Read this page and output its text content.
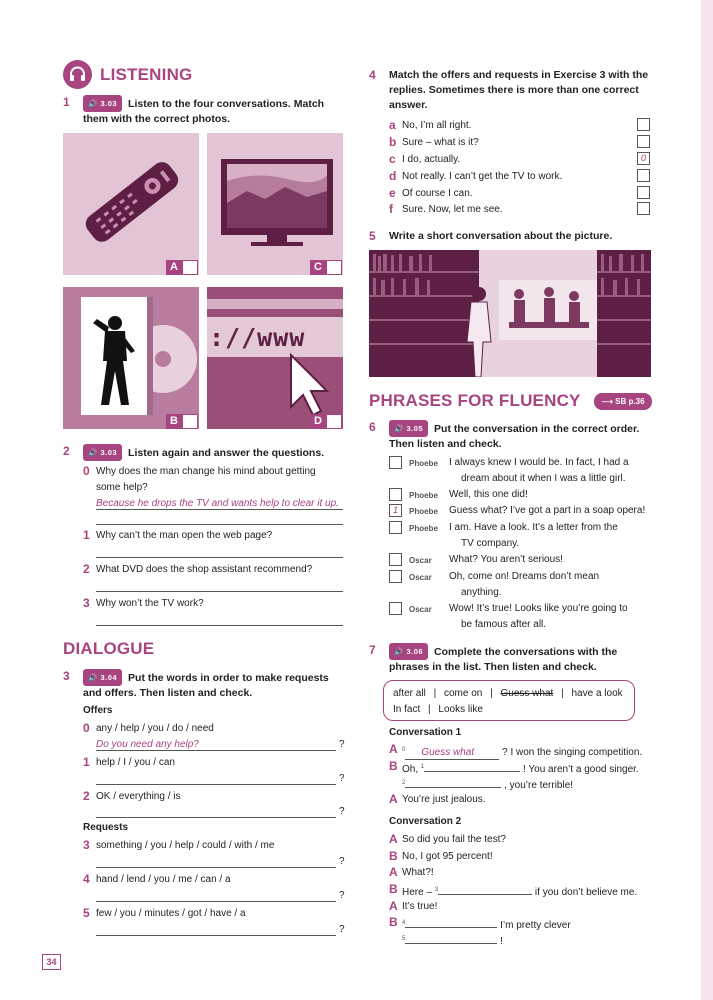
LISTENING
1	🔊 3.03 Listen to the four conversations. Match them with the correct photos.
A	C
B
://www
D
2	🔊 3.03 Listen again and answer the questions.
0 Why does the man change his mind about getting some help?
Because he drops the TV and wants help to clear it up.
1 Why can’t the man open the web page?
2 What DVD does the shop assistant recommend?
3 Why won’t the TV work?
DIALOGUE
3	🔊 3.04 Put the words in order to make requests and offers. Then listen and check.
Offers
0 any / help / you / do / need
Do you need any help?	?
1 help / I / you / can
?
2 OK / everything / is
?
Requests
3 something / you / help / could / with / me
?
4 hand / lend / you / me / can / a
?
5 few / you / minutes / got / have / a
?
34
4 Match the offers and requests in Exercise 3 with the replies. Sometimes there is more than one correct answer.
a No, I’m all right.
b Sure – what is it?
c I do, actually.	0
d Not really. I can’t get the TV to work.
e Of course I can.
f Sure. Now, let me see.
5 Write a short conversation about the picture.
PHRASES FOR FLUENCY	⟶ SB p.36
6	🔊 3.05 Put the conversation in the correct order. Then listen and check.
Phoebe I always knew I would be. In fact, I had a
dream about it when I was a little girl.
Phoebe Well, this one did!
1	Phoebe Guess what? I’ve got a part in a soap opera!
Phoebe I am. Have a look. It’s a letter from the
TV company.
Oscar What? You aren’t serious!
Oscar Oh, come on! Dreams don’t mean
anything.
Oscar Wow! It’s true! Looks like you’re going to
be famous after all.
7	🔊 3.06 Complete the conversations with the phrases in the list. Then listen and check.
after all | come on | Guess what | have a look
In fact | Looks like
Conversation 1
A $^0$ Guess what	? I won the singing competition.
B Oh, $^1$	! You aren’t a good singer.
$^2$	, you’re terrible!
A You’re just jealous.
Conversation 2
A So did you fail the test?
B No, I got 95 percent!
A What?!
B Here – $^3$	if you don’t believe me.
A It’s true!
B $^4$	I’m pretty clever
$^5$	!
